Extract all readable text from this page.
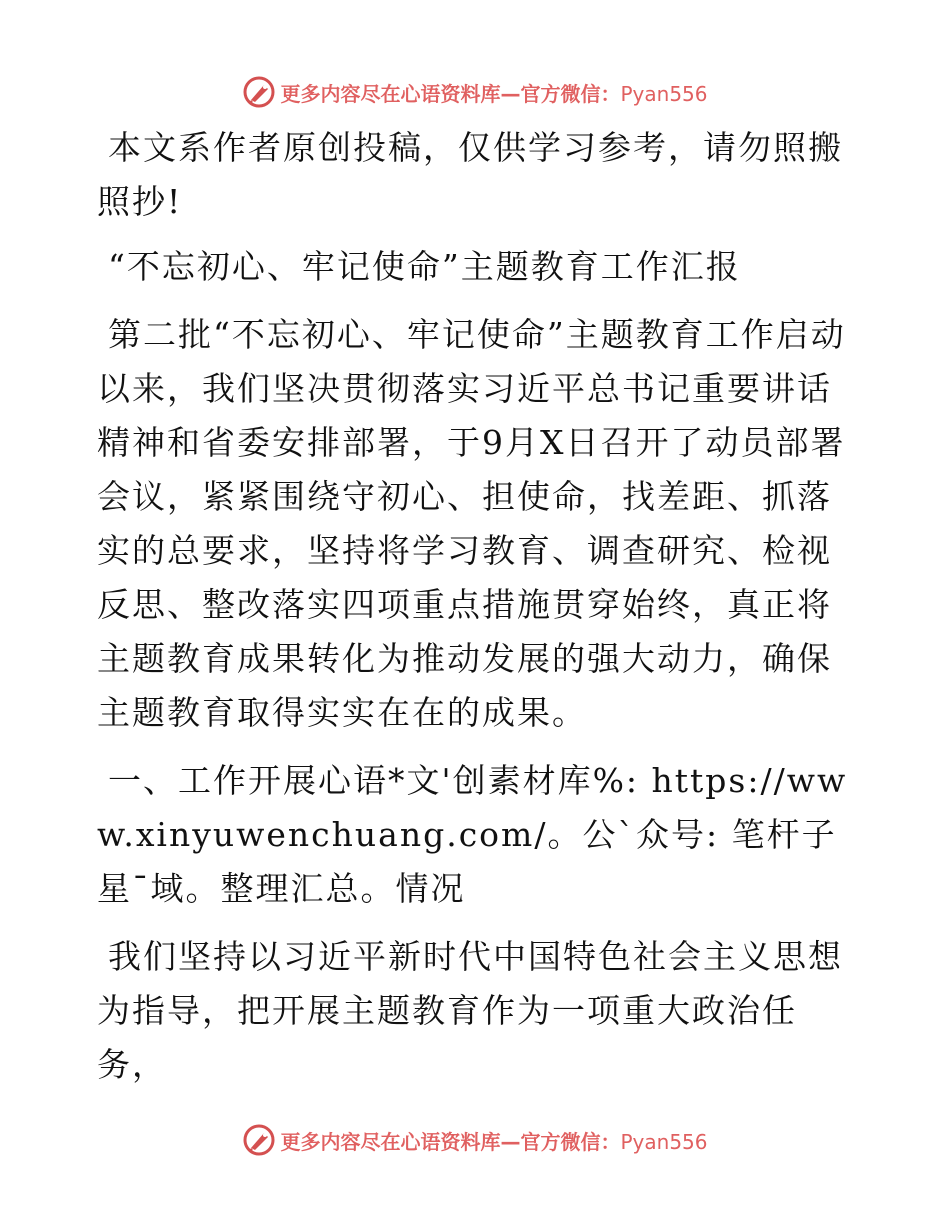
更多内容尽在心语资料库—官方微信：Pyan556

本文系作者原创投稿，仅供学习参考，请勿照搬照抄!

“不忘初心、牢记使命”主题教育工作汇报

第二批“不忘初心、牢记使命”主题教育工作启动以来，我们坚决贯彻落实习近平总书记重要讲话精神和省委安排部署，于9月X日召开了动员部署会议，紧紧围绕守初心、担使命，找差距、抓落实的总要求，坚持将学习教育、调查研究、检视反思、整改落实四项重点措施贯穿始终，真正将主题教育成果转化为推动发展的强大动力，确保主题教育取得实实在在的成果。

一、工作开展心语*文'创素材库%: https://www.xinyuwenchuang.com/。公`众号: 笔杆子星¯域。整理汇总。情况

我们坚持以习近平新时代中国特色社会主义思想为指导，把开展主题教育作为一项重大政治任务，

更多内容尽在心语资料库—官方微信：Pyan556
